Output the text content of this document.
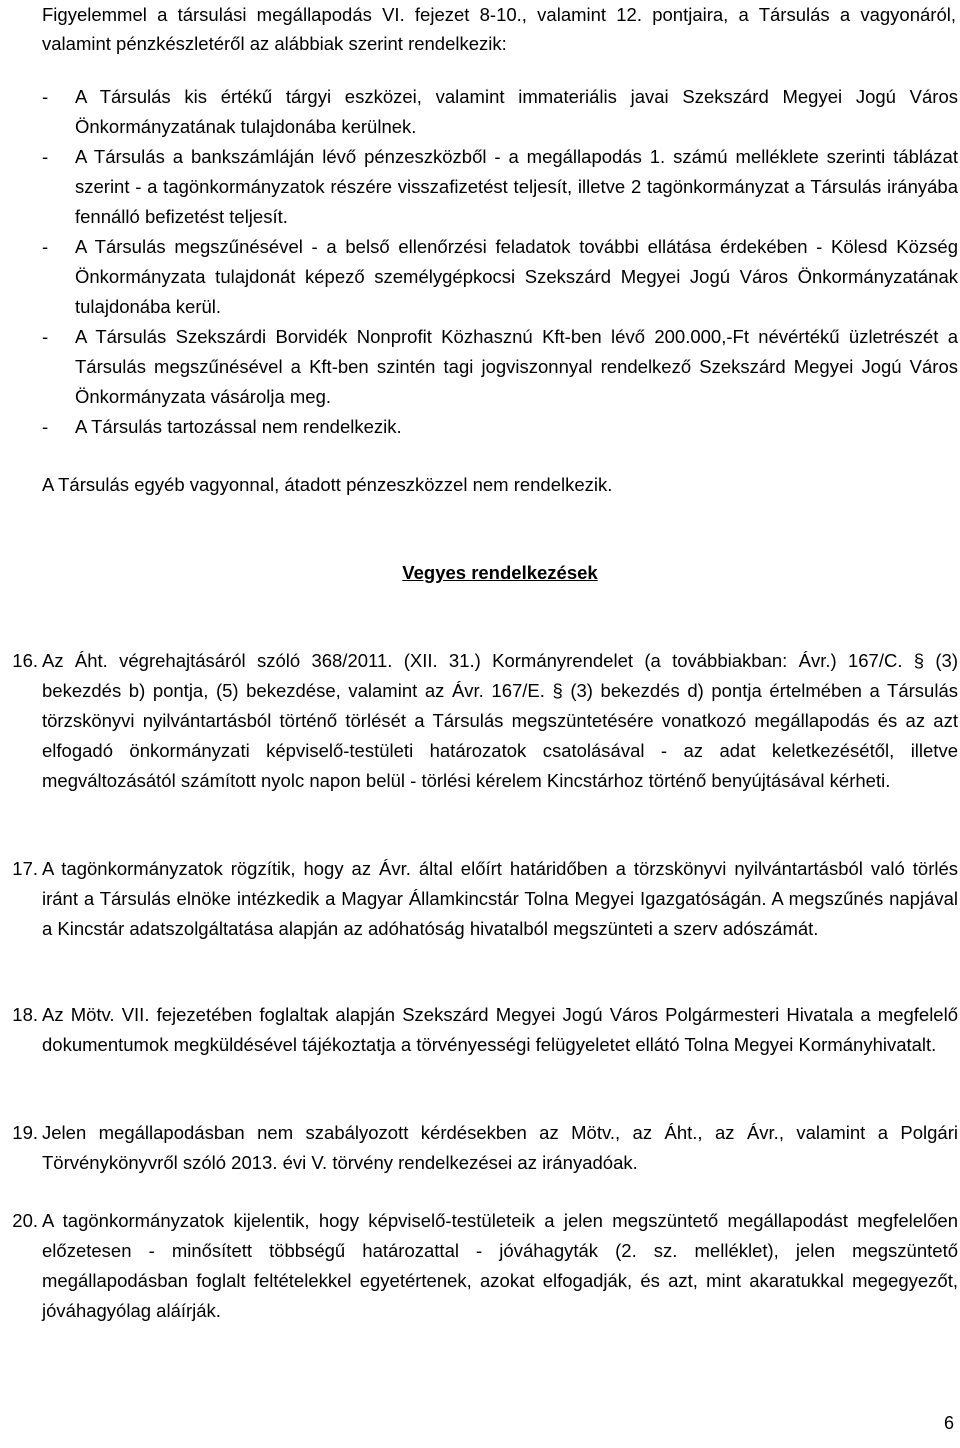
Figyelemmel a társulási megállapodás VI. fejezet 8-10., valamint 12. pontjaira, a Társulás a vagyonáról, valamint pénzkészletéről az alábbiak szerint rendelkezik:

- A Társulás kis értékű tárgyi eszközei, valamint immateriális javai Szekszárd Megyei Jogú Város Önkormányzatának tulajdonába kerülnek.
- A Társulás a bankszámláján lévő pénzeszközből - a megállapodás 1. számú melléklete szerinti táblázat szerint - a tagönkormányzatok részére visszafizetést teljesít, illetve 2 tagönkormányzat a Társulás irányába fennálló befizetést teljesít.
- A Társulás megszűnésével - a belső ellenőrzési feladatok további ellátása érdekében - Kölesd Község Önkormányzata tulajdonát képező személygépkocsi Szekszárd Megyei Jogú Város Önkormányzatának tulajdonába kerül.
- A Társulás Szekszárdi Borvidék Nonprofit Közhasznú Kft-ben lévő 200.000,-Ft névértékű üzletrészét a Társulás megszűnésével a Kft-ben szintén tagi jogviszonnyal rendelkező Szekszárd Megyei Jogú Város Önkormányzata vásárolja meg.
- A Társulás tartozással nem rendelkezik.

A Társulás egyéb vagyonnal, átadott pénzeszközzel nem rendelkezik.

Vegyes rendelkezések
16. Az Áht. végrehajtásáról szóló 368/2011. (XII. 31.) Kormányrendelet (a továbbiakban: Ávr.) 167/C. § (3) bekezdés b) pontja, (5) bekezdése, valamint az Ávr. 167/E. § (3) bekezdés d) pontja értelmében a Társulás törzskönyvi nyilvántartásból történő törlését a Társulás megszüntetésére vonatkozó megállapodás és az azt elfogadó önkormányzati képviselő-testületi határozatok csatolásával - az adat keletkezésétől, illetve megváltozásától számított nyolc napon belül - törlési kérelem Kincstárhoz történő benyújtásával kérheti.
17. A tagönkormányzatok rögzítik, hogy az Ávr. által előírt határidőben a törzskönyvi nyilvántartásból való törlés iránt a Társulás elnöke intézkedik a Magyar Államkincstár Tolna Megyei Igazgatóságán. A megszűnés napjával a Kincstár adatszolgáltatása alapján az adóhatóság hivatalból megszünteti a szerv adószámát.
18. Az Mötv. VII. fejezetében foglaltak alapján Szekszárd Megyei Jogú Város Polgármesteri Hivatala a megfelelő dokumentumok megküldésével tájékoztatja a törvényességi felügyeletet ellátó Tolna Megyei Kormányhivatalt.
19. Jelen megállapodásban nem szabályozott kérdésekben az Mötv., az Áht., az Ávr., valamint a Polgári Törvénykönyvről szóló 2013. évi V. törvény rendelkezései az irányadóak.
20. A tagönkormányzatok kijelentik, hogy képviselő-testületeik a jelen megszüntető megállapodást megfelelően előzetesen - minősített többségű határozattal - jóváhagyták (2. sz. melléklet), jelen megszüntető megállapodásban foglalt feltételekkel egyetértenek, azokat elfogadják, és azt, mint akaratukkal megegyezőt, jóváhagyólag aláírják.
6
